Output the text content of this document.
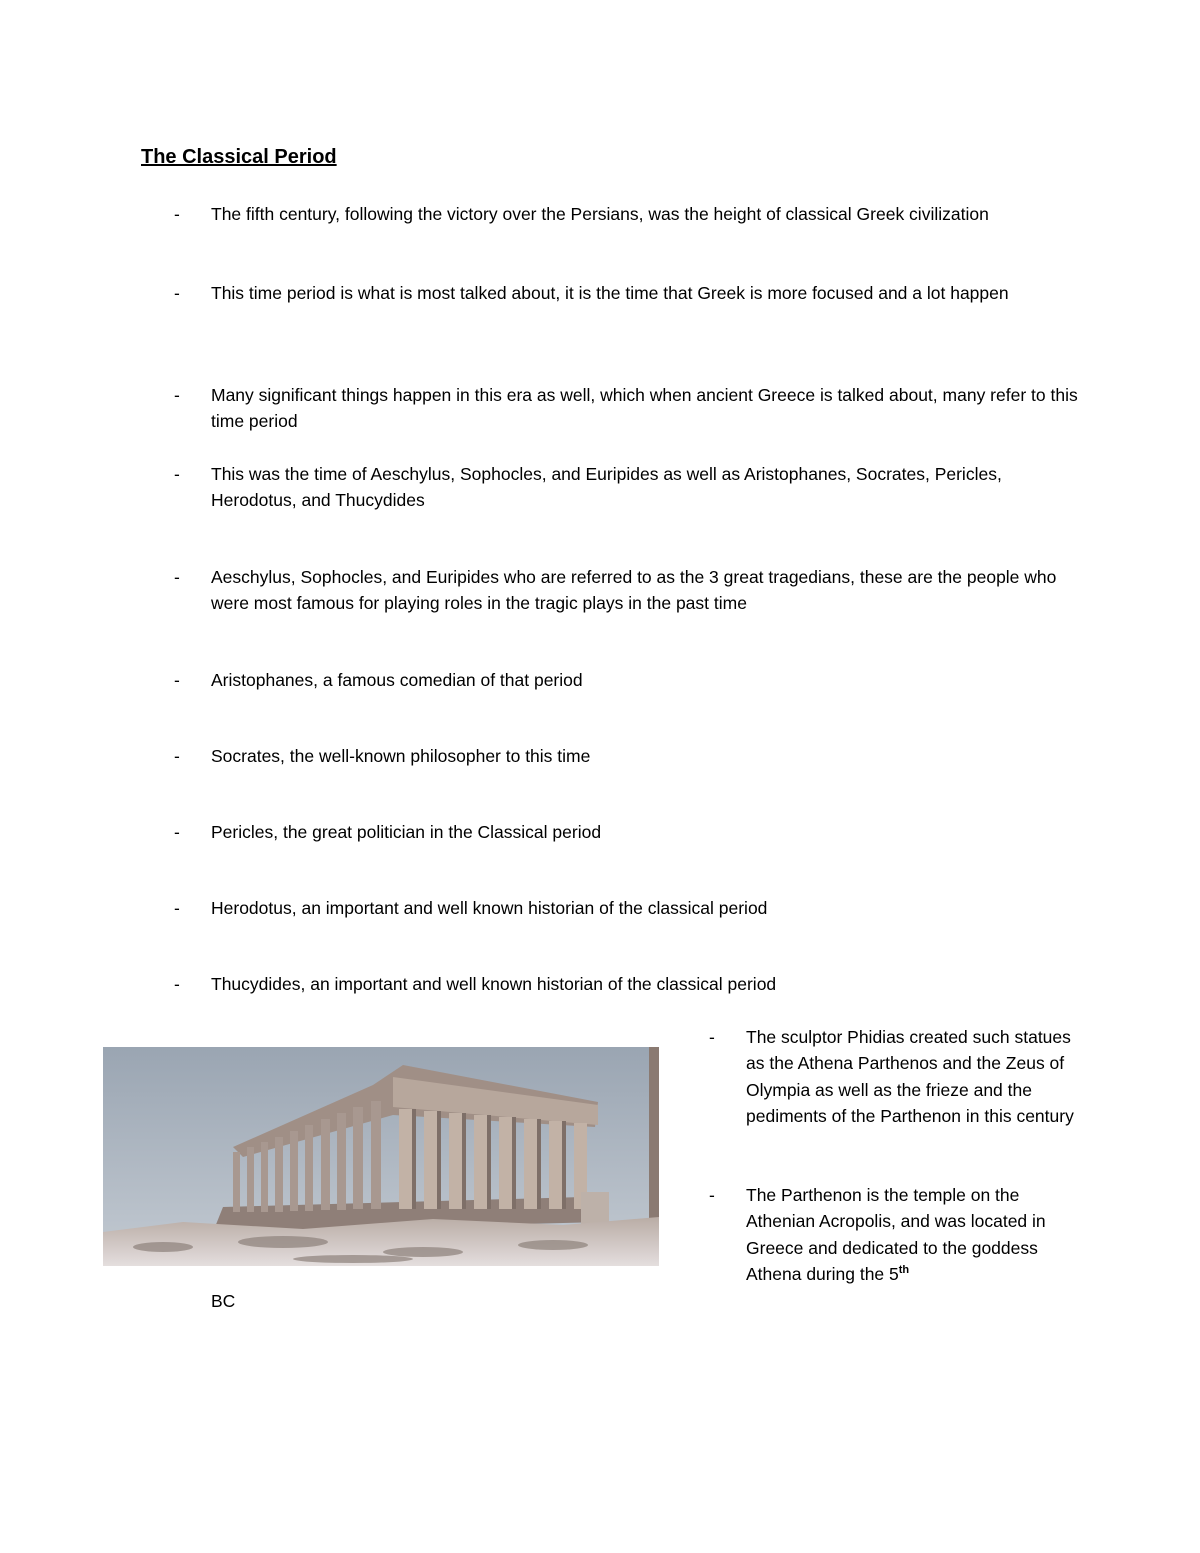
The Classical Period
-	The fifth century, following the victory over the Persians, was the height of classical Greek civilization
-	This time period is what is most talked about, it is the time that Greek is more focused and a lot happen
-	Many significant things happen in this era as well, which when ancient Greece is talked about, many refer to this time period
-	This was the time of Aeschylus, Sophocles, and Euripides as well as Aristophanes, Socrates, Pericles, Herodotus, and Thucydides
-	Aeschylus, Sophocles, and Euripides who are referred to as the 3 great tragedians, these are the people who were most famous for playing roles in the tragic plays in the past time
-	Aristophanes, a famous comedian of that period
-	Socrates, the well-known philosopher to this time
-	Pericles, the great politician in the Classical period
-	Herodotus, an important and well known historian of the classical period
-	Thucydides, an important and well known historian of the classical period
- The sculptor Phidias created such statues as the Athena Parthenos and the Zeus of Olympia as well as the frieze and the pediments of the Parthenon in this century
- The Parthenon is the temple on the Athenian Acropolis, and was located in Greece and dedicated to the goddess Athena during the 5th
BC
